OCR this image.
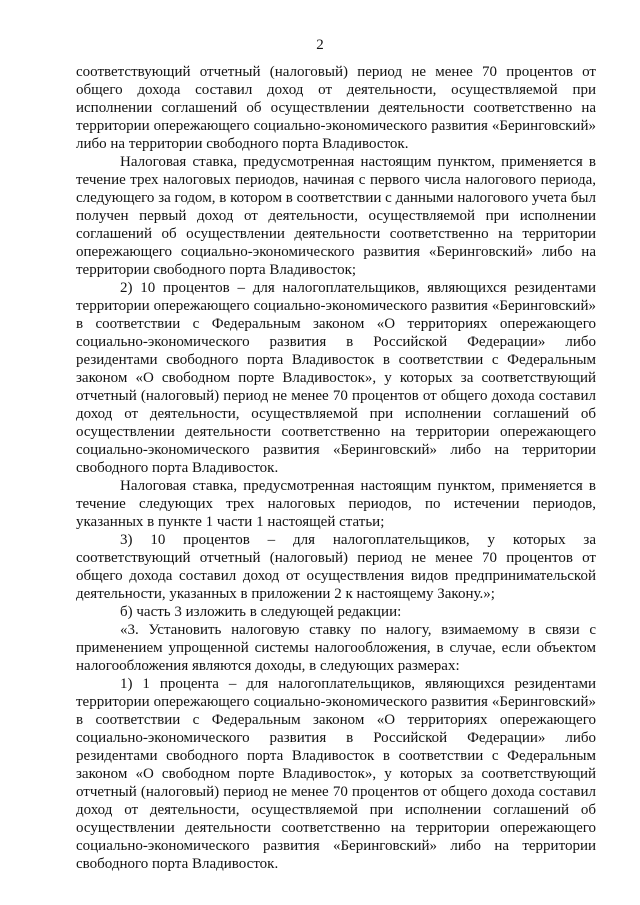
2

соответствующий отчетный (налоговый) период не менее 70 процентов от общего дохода составил доход от деятельности, осуществляемой при исполнении соглашений об осуществлении деятельности соответственно на территории опережающего социально-экономического развития «Беринговский» либо на территории свободного порта Владивосток.

Налоговая ставка, предусмотренная настоящим пунктом, применяется в течение трех налоговых периодов, начиная с первого числа налогового периода, следующего за годом, в котором в соответствии с данными налогового учета был получен первый доход от деятельности, осуществляемой при исполнении соглашений об осуществлении деятельности соответственно на территории опережающего социально-экономического развития «Беринговский» либо на территории свободного порта Владивосток;

2) 10 процентов – для налогоплательщиков, являющихся резидентами территории опережающего социально-экономического развития «Беринговский» в соответствии с Федеральным законом «О территориях опережающего социально-экономического развития в Российской Федерации» либо резидентами свободного порта Владивосток в соответствии с Федеральным законом «О свободном порте Владивосток», у которых за соответствующий отчетный (налоговый) период не менее 70 процентов от общего дохода составил доход от деятельности, осуществляемой при исполнении соглашений об осуществлении деятельности соответственно на территории опережающего социально-экономического развития «Беринговский» либо на территории свободного порта Владивосток.

Налоговая ставка, предусмотренная настоящим пунктом, применяется в течение следующих трех налоговых периодов, по истечении периодов, указанных в пункте 1 части 1 настоящей статьи;

3) 10 процентов – для налогоплательщиков, у которых за соответствующий отчетный (налоговый) период не менее 70 процентов от общего дохода составил доход от осуществления видов предпринимательской деятельности, указанных в приложении 2 к настоящему Закону.»;

б) часть 3 изложить в следующей редакции:

«3. Установить налоговую ставку по налогу, взимаемому в связи с применением упрощенной системы налогообложения, в случае, если объектом налогообложения являются доходы, в следующих размерах:

1) 1 процента – для налогоплательщиков, являющихся резидентами территории опережающего социально-экономического развития «Беринговский» в соответствии с Федеральным законом «О территориях опережающего социально-экономического развития в Российской Федерации» либо резидентами свободного порта Владивосток в соответствии с Федеральным законом «О свободном порте Владивосток», у которых за соответствующий отчетный (налоговый) период не менее 70 процентов от общего дохода составил доход от деятельности, осуществляемой при исполнении соглашений об осуществлении деятельности соответственно на территории опережающего социально-экономического развития «Беринговский» либо на территории свободного порта Владивосток.
